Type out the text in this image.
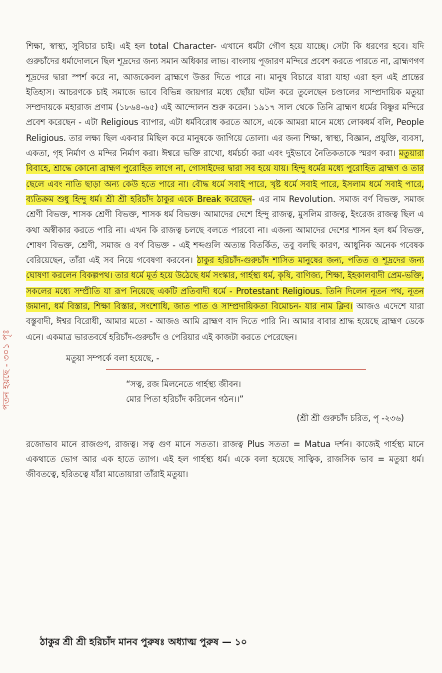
পতন হয়ছে - ৩০১ পৃঃ

শিক্ষা, স্বাস্থ্য, সুবিচার চাই। এই হল total Character- এখানে ধর্মটা গৌণ হয়ে যাচ্ছে। সেটা কি ধরণের হবে। যদি গুরুচাঁদের ধর্মাদোলনে ছিল শূদ্রদের জন্য সমান অধিকার লাভ। বাংলায় পূজারণ মন্দিরে প্রবেশ করতে পারতে না, ব্রাহ্মণগণ শূদ্রদের দ্বারা স্পর্শ করে না, আজকেবল ব্রাহ্মণে উত্তর দিতে পারে না। মানুষ বিচারে যারা যাহা এরা হল এই প্রান্তের ইতিহাস। আচরণকে চাই সমাজে ভাবে বিভিন্ন জায়গার মধ্যে ছোঁয়া ঘটল করে তুলেছেন চণ্ডালের সাম্প্রদায়িক মতুয়া সম্প্রদায়কে মহারাজ প্রণাম (১৮৬৪-৬৫) এই আন্দোলন শুরু করেন। ১৯১৭ সাল থেকে তিনি ব্রাহ্মণ ধর্মের বিষ্ণুর মন্দিরে প্রবেশ করেছেন - এটা Religious ব্যাপার, এটা ধর্মবিরোধ করতে আসে, একে আমরা মানে মধ্যে লোকধর্ম বলি, People Religious. তার লক্ষ্য ছিল একবার মিছিল করে মানুষকে জাগিয়ে তোলা। এর জন্য শিক্ষা, স্বাস্থ্য, বিজ্ঞান, প্রযুক্তি, ব্যবসা, একতা, গৃহ নির্মাণ ও মন্দির নির্মাণ করা। ঈশ্বরে ভক্তি রাখো, ধর্মচর্চা করা এবং দুইভাবে নৈতিকতাকে স্মরণ করা। মতুয়ারা বিবাহে, শ্রাদ্ধে কোনো ব্রাহ্মণ পুরোহিত লাগে না, গোসাইদের দ্বারা সব হয়ে যায়। হিন্দু ধর্মের মধ্যে পুরোহিত ব্রাহ্মণ ও তার ছেলে এবং নাতি ছাড়া অন্য কেউ হতে পারে না। বৌদ্ধ ধর্মে সবাই পারে, খৃষ্ট ধর্মে সবাই পারে, ইসলাম ধর্মে সবাই পারে, ব্যতিক্রম শুধু হিন্দু ধর্ম। শ্রী শ্রী হরিচাঁদ ঠাকুর একে Break করেছেন- এর নাম Revolution. সমাজ বর্ণ বিভক্ত, সমাজ শ্রেণী বিভক্ত, শাসক শ্রেণী বিভক্ত, শাসক ধর্ম বিভক্ত। আমাদের দেশে হিন্দু রাজত্ব, মুসলিম রাজত্ব, ইংরেজ রাজত্ব ছিল এ কথা অস্বীকার করতে পারি না। এখন কি রাজত্ব চলছে বলতে পারবো না। এজন্য আমাদের দেশের শাসন হল ধর্ম বিভক্ত, শোষণ বিভক্ত, শ্রেণী, সমাজ ও বর্ণ বিভক্ত - এই শব্দগুলি অত্যন্ত বিতর্কিত, তবু বলছি কারণ, আধুনিক অনেক গবেষক বেরিয়েছেন, তাঁরা এই সব নিয়ে গবেষণা করবেন। ঠাকুর হরিচাঁদ-গুরুচাঁদ শাসিত মানুষের জন্য, পতিত ও শূদ্রদের জন্য ঘোষণা করলেন বিকল্পপথ। তার ধর্মে মূর্ত হয়ে উঠেছে ধর্ম সংস্কার, গার্হস্থ্য ধর্ম, কৃষি, বাণিজ্য, শিক্ষা, ইহকালবাদী প্রেম-ভক্তি, সকলের মধ্যে সম্প্রীতি যা রূপ নিয়েছে একটি প্রতিবাদী ধর্মে - Protestant Religious. তিনি দিলেন নূতন পথ, নূতন জমানা, ধর্ম বিস্তার, শিক্ষা বিস্তার, সংশোধি, জাত পাত ও সাম্প্রদায়িকতা বিমোচন- যার নাম ক্লিব। আজও এদেশে যারা বস্তুবাদী, ঈশ্বর বিরোধী, আমার মতো - আজও আমি ব্রাহ্মণ বাদ দিতে পারি নি। আমার বাবার শ্রাদ্ধ হয়েছে ব্রাহ্মণ ডেকে এনে। একমাত্র ভারতবর্ষে হরিচাঁদ-গুরুচাঁদ ও পেরিয়ার এই কাজটা করতে পেরেছেন।

মতুয়া সম্পর্কে বলা হয়েছে, -
“সত্ব, রজ মিলনেতে গার্হস্থ্য জীবন।
মোর পিতা হরিচাঁদ করিলেন গঠন।।”
(শ্রী শ্রী গুরুচাঁদ চরিত, পৃ -২৩৬)

রজোভাব মানে রাজগুণ, রাজত্ব। সত্ব গুণ মানে সততা। রাজত্ব Plus সততা = Matua দর্শন। কাজেই গার্হস্থ্য মানে একথাতে ভোগ আর এক হাতে ত্যাগ। এই হল গার্হস্থ্য ধর্ম। একে বলা হয়েছে সাত্বিক, রাজসিক ভাব = মতুয়া ধর্ম। জীবতত্বে, হরিতত্বে যাঁরা মাতোয়ারা তাঁরাই মতুয়া।

ঠাকুর শ্রী শ্রী হরিচাঁদ মানব পুরুষঃ অধ্যাত্ম পুরুষ — ১০
